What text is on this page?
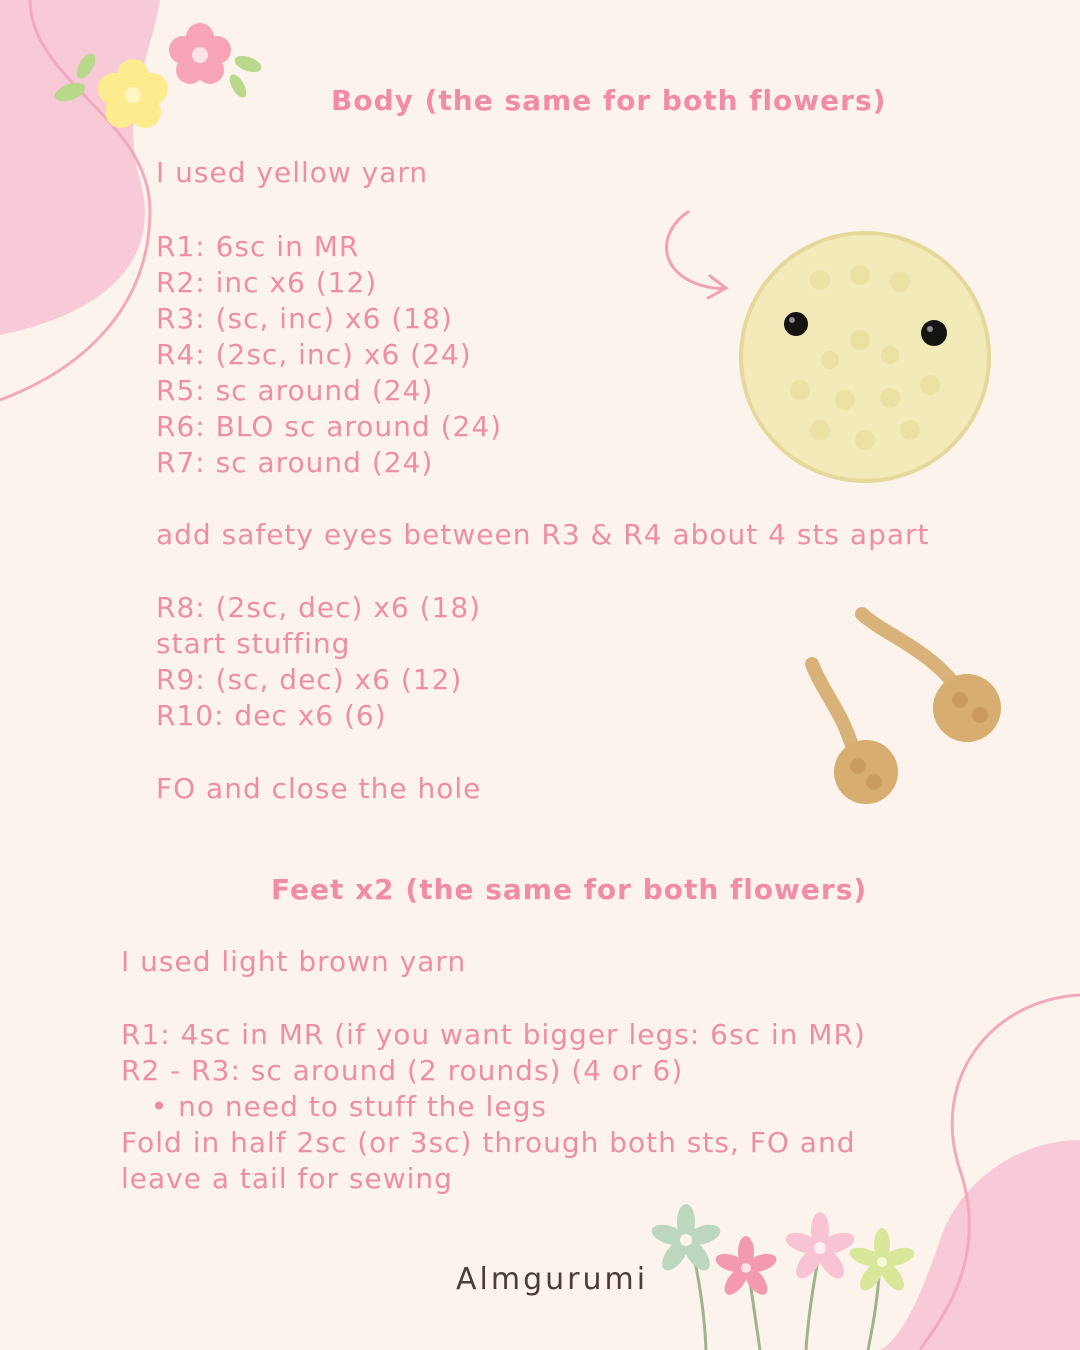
Body (the same for both flowers)
I used yellow yarn
R1: 6sc in MR
R2: inc x6 (12)
R3: (sc, inc) x6 (18)
R4: (2sc, inc) x6 (24)
R5: sc around (24)
R6: BLO sc around (24)
R7: sc around (24)
add safety eyes between R3 & R4 about 4 sts apart
R8: (2sc, dec) x6 (18)
start stuffing
R9: (sc, dec) x6 (12)
R10: dec x6 (6)
FO and close the hole
Feet x2 (the same for both flowers)
I used light brown yarn
R1: 4sc in MR (if you want bigger legs: 6sc in MR)
R2 - R3: sc around (2 rounds) (4 or 6)
• no need to stuff the legs
Fold in half 2sc (or 3sc) through both sts, FO and
leave a tail for sewing
Almgurumi
